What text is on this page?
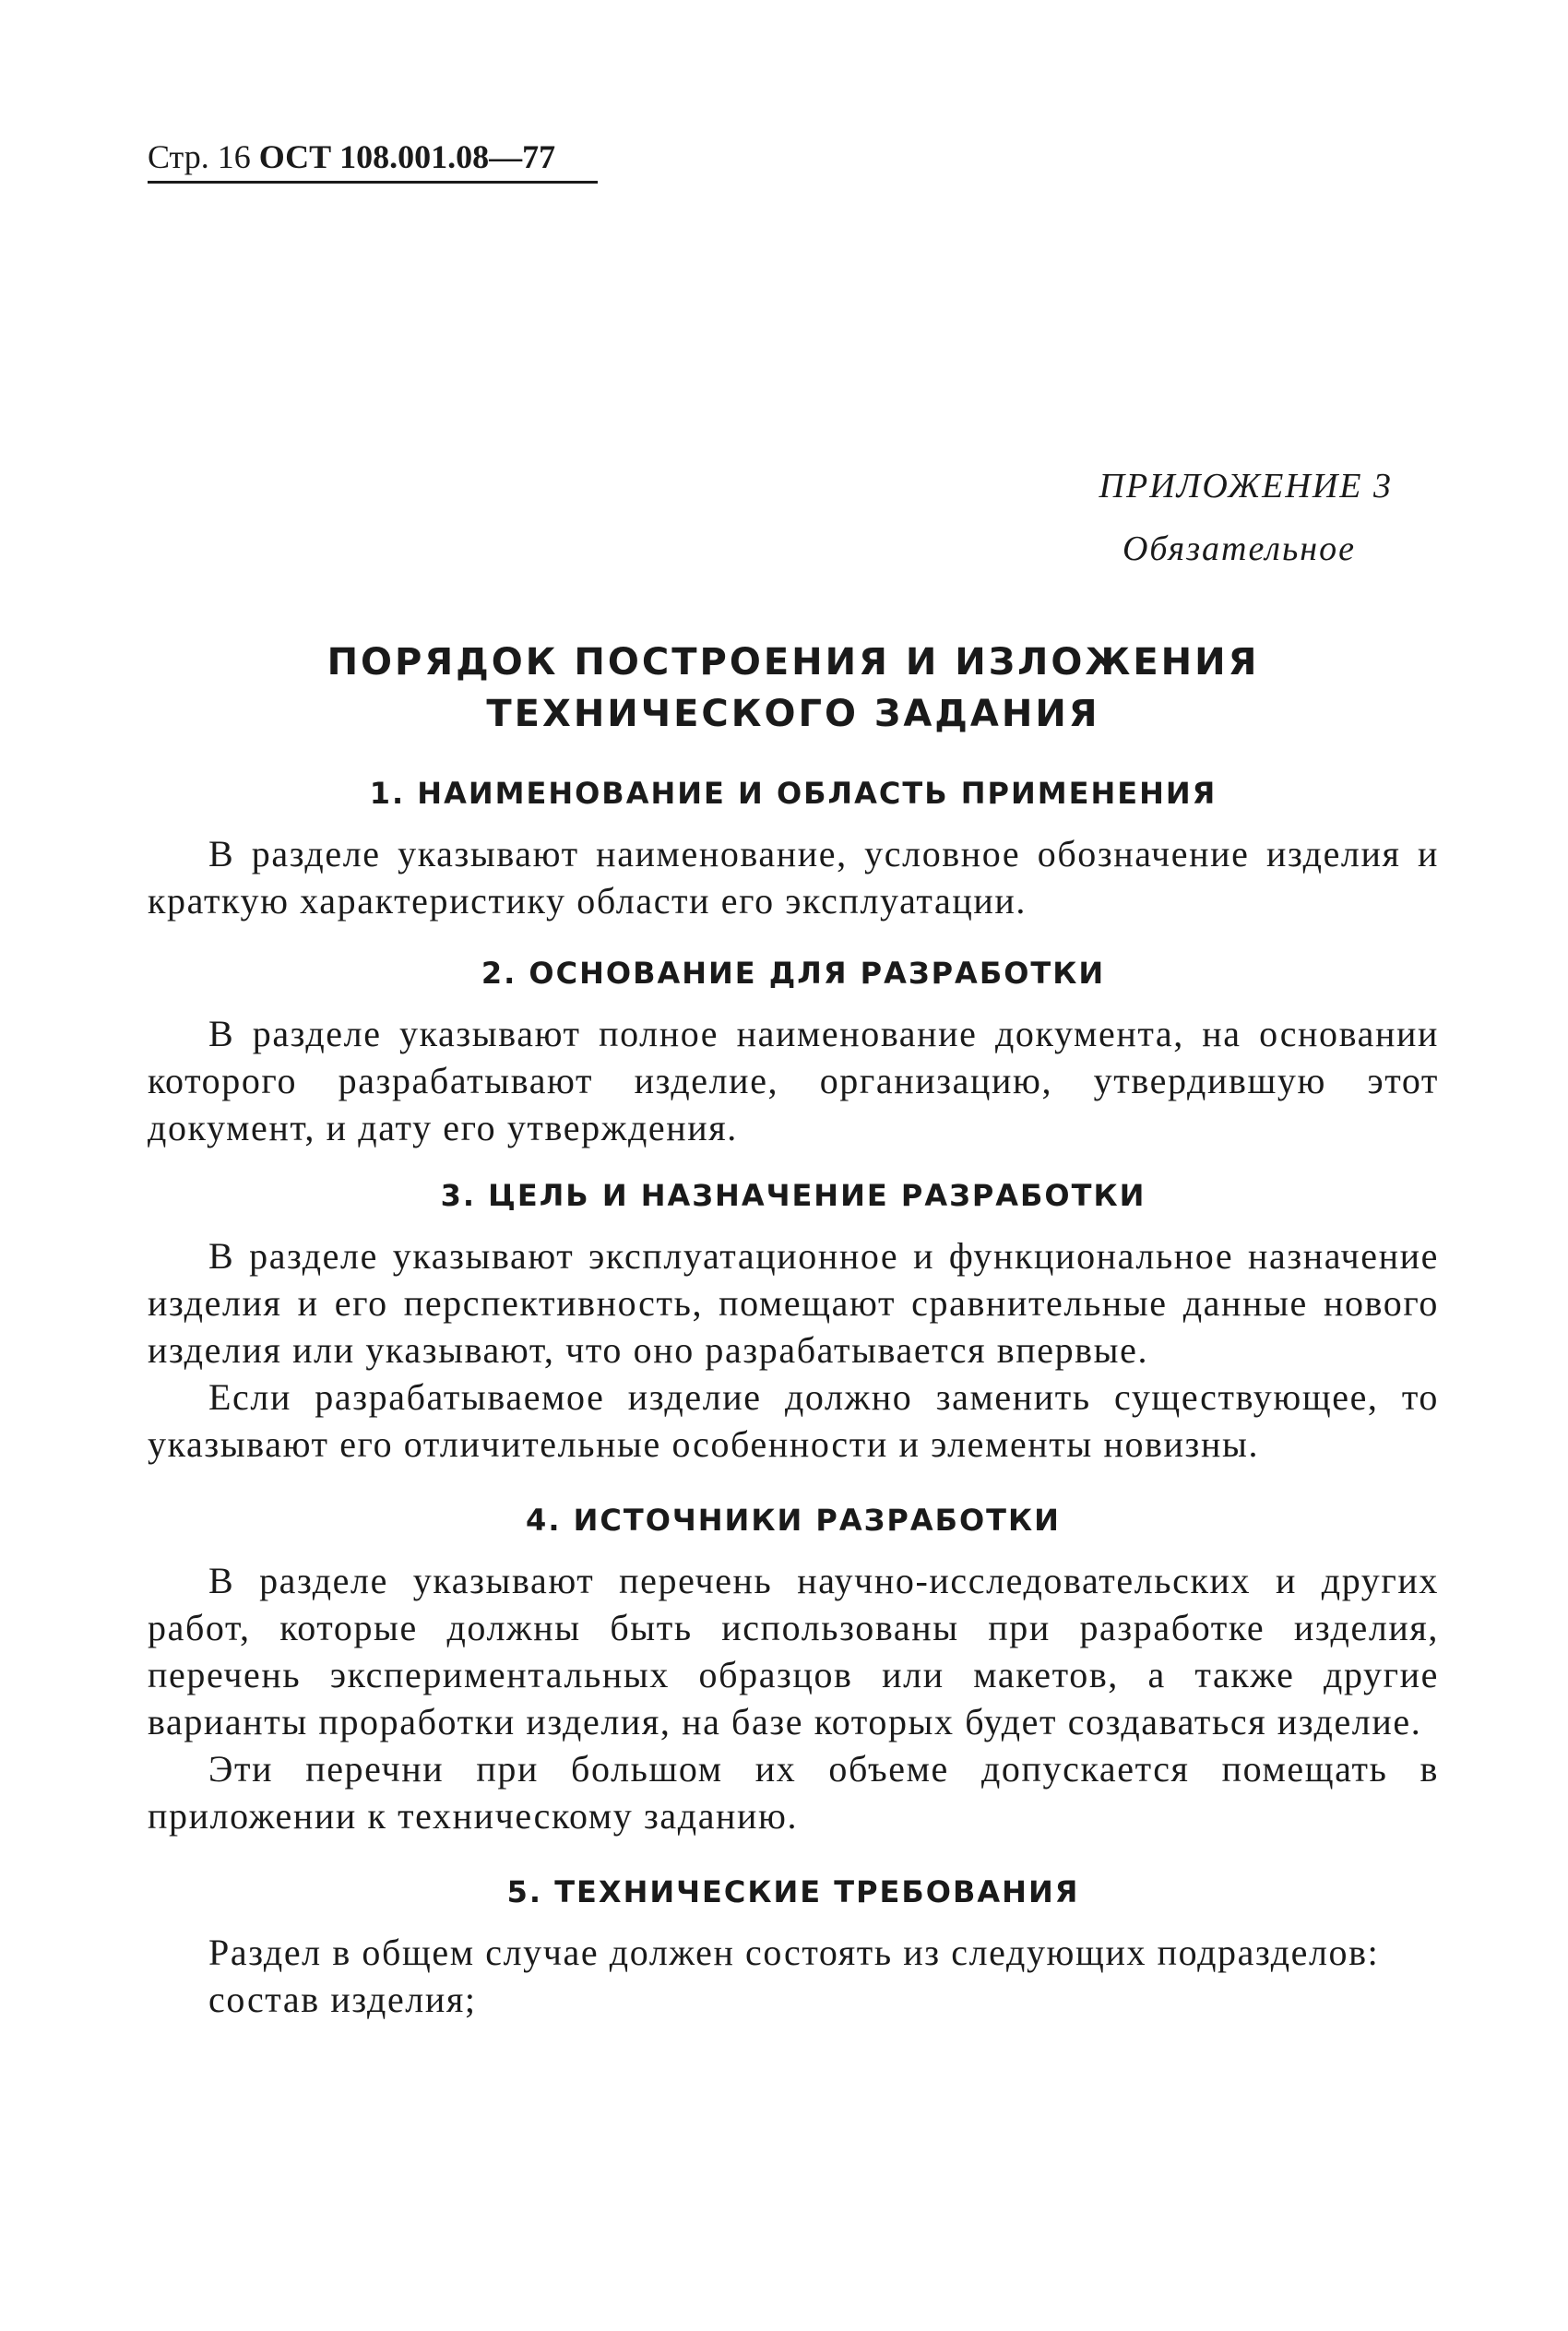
Стр. 16 ОСТ 108.001.08—77
ПРИЛОЖЕНИЕ 3
Обязательное
ПОРЯДОК ПОСТРОЕНИЯ И ИЗЛОЖЕНИЯ
ТЕХНИЧЕСКОГО ЗАДАНИЯ
1. НАИМЕНОВАНИЕ И ОБЛАСТЬ ПРИМЕНЕНИЯ

В разделе указывают наименование, условное обозначение изделия и краткую характеристику области его эксплуатации.

2. ОСНОВАНИЕ ДЛЯ РАЗРАБОТКИ

В разделе указывают полное наименование документа, на основании которого разрабатывают изделие, организацию, утвердившую этот документ, и дату его утверждения.

3. ЦЕЛЬ И НАЗНАЧЕНИЕ РАЗРАБОТКИ

В разделе указывают эксплуатационное и функциональное назначение изделия и его перспективность, помещают сравнительные данные нового изделия или указывают, что оно разрабатывается впервые.

Если разрабатываемое изделие должно заменить существующее, то указывают его отличительные особенности и элементы новизны.

4. ИСТОЧНИКИ РАЗРАБОТКИ

В разделе указывают перечень научно-исследовательских и других работ, которые должны быть использованы при разработке изделия, перечень экспериментальных образцов или макетов, а также другие варианты проработки изделия, на базе которых будет создаваться изделие.

Эти перечни при большом их объеме допускается помещать в приложении к техническому заданию.

5. ТЕХНИЧЕСКИЕ ТРЕБОВАНИЯ

Раздел в общем случае должен состоять из следующих подразделов:

состав изделия;
